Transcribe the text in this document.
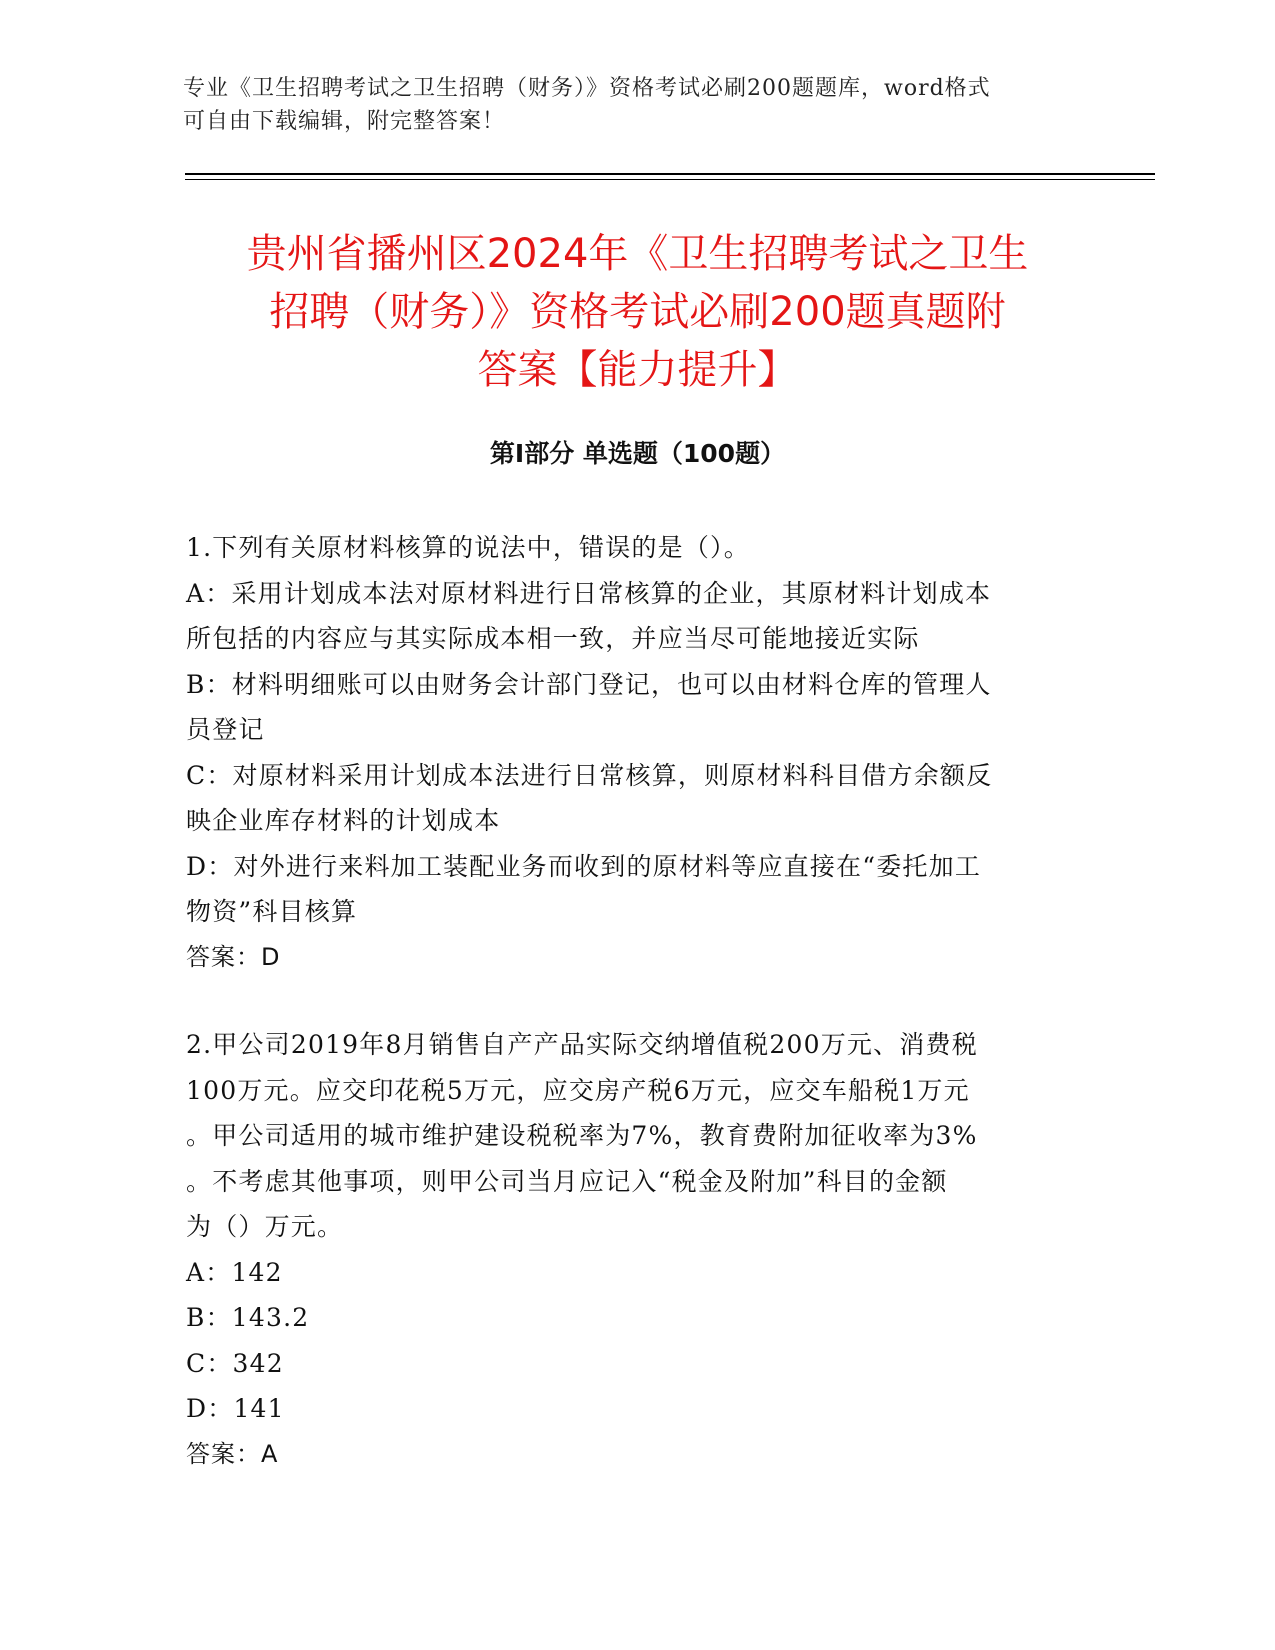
专业《卫生招聘考试之卫生招聘（财务）》资格考试必刷200题题库，word格式
可自由下载编辑，附完整答案！
贵州省播州区2024年《卫生招聘考试之卫生
招聘（财务）》资格考试必刷200题真题附
答案【能力提升】
第Ⅰ部分 单选题（100题）

1.下列有关原材料核算的说法中，错误的是（）。

A：采用计划成本法对原材料进行日常核算的企业，其原材料计划成本

所包括的内容应与其实际成本相一致，并应当尽可能地接近实际

B：材料明细账可以由财务会计部门登记，也可以由材料仓库的管理人

员登记

C：对原材料采用计划成本法进行日常核算，则原材料科目借方余额反

映企业库存材料的计划成本

D：对外进行来料加工装配业务而收到的原材料等应直接在“委托加工

物资”科目核算

答案：D

2.甲公司2019年8月销售自产产品实际交纳增值税200万元、消费税

100万元。应交印花税5万元，应交房产税6万元，应交车船税1万元

。甲公司适用的城市维护建设税税率为7%，教育费附加征收率为3%

。不考虑其他事项，则甲公司当月应记入“税金及附加”科目的金额

为（）万元。

A：142

B：143.2

C：342

D：141

答案：A
